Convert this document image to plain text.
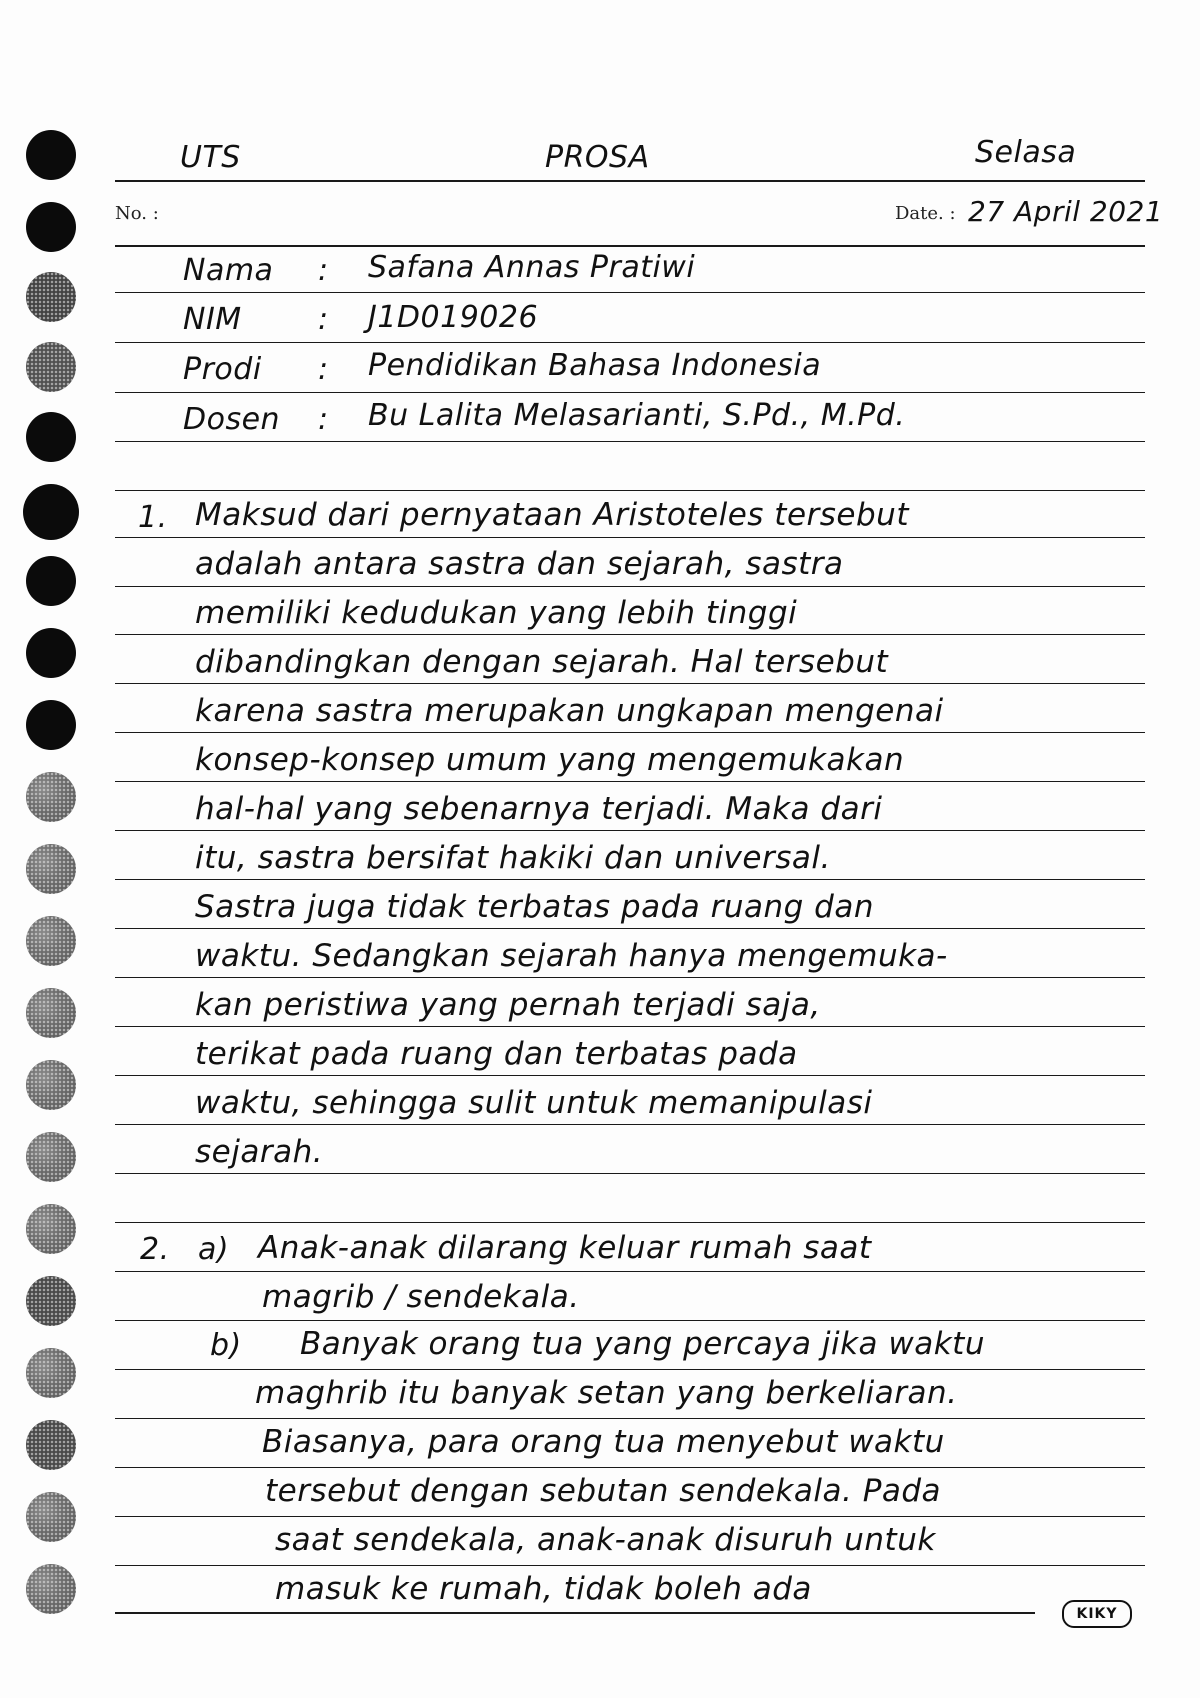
UTS	PROSA	Selasa
No. :	Date. : 27 April 2021
Nama : Safana Annas Pratiwi
NIM	: J1D019026
Prodi : Pendidikan Bahasa Indonesia
Dosen : Bu Lalita Melasarianti, S.Pd., M.Pd.
1. Maksud dari pernyataan Aristoteles tersebut
adalah antara sastra dan sejarah, sastra
memiliki kedudukan yang lebih tinggi
dibandingkan dengan sejarah. Hal tersebut
karena sastra merupakan ungkapan mengenai
konsep-konsep umum yang mengemukakan
hal-hal yang sebenarnya terjadi. Maka dari
itu, sastra bersifat hakiki dan universal.
Sastra juga tidak terbatas pada ruang dan
waktu. Sedangkan sejarah hanya mengemuka-
kan peristiwa yang pernah terjadi saja,
terikat pada ruang dan terbatas pada
waktu, sehingga sulit untuk memanipulasi
sejarah.
2. a) Anak-anak dilarang keluar rumah saat
magrib / sendekala.
b) Banyak orang tua yang percaya jika waktu
maghrib itu banyak setan yang berkeliaran.
Biasanya, para orang tua menyebut waktu
tersebut dengan sebutan sendekala. Pada
saat sendekala, anak-anak disuruh untuk
masuk ke rumah, tidak boleh ada
KIKY
